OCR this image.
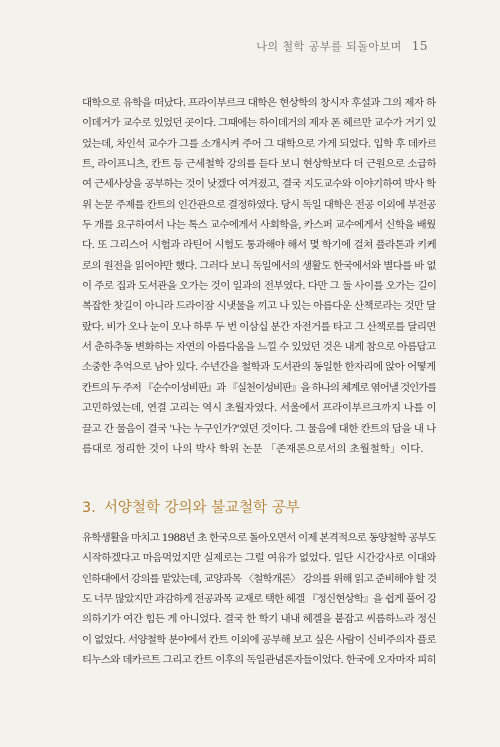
나의 철학 공부를 되돌아보며 15
대학으로 유학을 떠났다. 프라이부르크 대학은 현상학의 창시자 후설과 그의 제자 하
이데거가 교수로 있었던 곳이다. 그때에는 하이데거의 제자 폰 헤르만 교수가 거기 있
었는데, 차인석 교수가 그를 소개시켜 주어 그 대학으로 가게 되었다. 입학 후 데카르
트, 라이프니츠, 칸트 등 근세철학 강의를 듣다 보니 현상학보다 더 근원으로 소급하
여 근세사상을 공부하는 것이 낫겠다 여겨졌고, 결국 지도교수와 이야기하여 박사 학
위 논문 주제를 칸트의 인간관으로 결정하였다. 당시 독일 대학은 전공 이외에 부전공
두 개를 요구하여서 나는 톡스 교수에게서 사회학을, 카스퍼 교수에게서 신학을 배웠
다. 또 그리스어 시험과 라틴어 시험도 통과해야 해서 몇 학기에 걸쳐 플라톤과 키케
로의 원전을 읽어야만 했다. 그러다 보니 독일에서의 생활도 한국에서와 별다를 바 없
이 주로 집과 도서관을 오가는 것이 일과의 전부였다. 다만 그 둘 사이를 오가는 길이
복잡한 찻길이 아니라 드라이잠 시냇물을 끼고 나 있는 아름다운 산책로라는 것만 달
랐다. 비가 오나 눈이 오나 하루 두 번 이삼십 분간 자전거를 타고 그 산책로를 달리면
서 춘하추동 변화하는 자연의 아름다움을 느낄 수 있었던 것은 내게 참으로 아름답고
소중한 추억으로 남아 있다. 수년간을 철학과 도서관의 동일한 한자리에 앉아 어떻게
칸트의 두 주저 『순수이성비판』과 『실천이성비판』을 하나의 체계로 엮어낼 것인가를
고민하였는데, 연결 고리는 역시 초월자였다. 서울에서 프라이부르크까지 나를 이
끌고 간 물음이 결국 '나는 누구인가?'였던 것이다. 그 물음에 대한 칸트의 답을 내 나
름대로 정리한 것이 나의 박사 학위 논문 「존재론으로서의 초월철학」이다.
3. 서양철학 강의와 불교철학 공부
유학생활을 마치고 1988년 초 한국으로 돌아오면서 이제 본격적으로 동양철학 공부도
시작하겠다고 마음먹었지만 실제로는 그럴 여유가 없었다. 일단 시간강사로 이대와
인하대에서 강의를 맡았는데, 교양과목 〈철학개론〉 강의를 위해 읽고 준비해야 할 것
도 너무 많았지만 과감하게 전공과목 교재로 택한 헤겔 『정신현상학』을 쉽게 풀어 강
의하기가 여간 힘든 게 아니었다. 결국 한 학기 내내 헤겔을 붙잡고 씨름하느라 정신
이 없었다. 서양철학 분야에서 칸트 이외에 공부해 보고 싶은 사람이 신비주의자 플로
티누스와 데카르트 그리고 칸트 이후의 독일관념론자들이었다. 한국에 오자마자 피히
